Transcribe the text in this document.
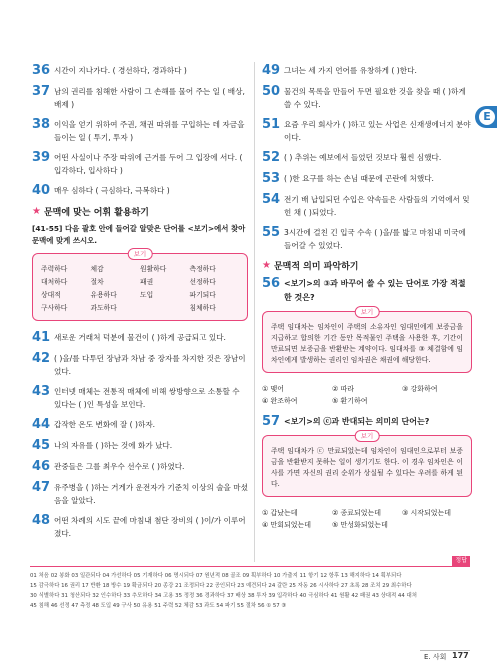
E
36 시간이 지나가다. ( 경선하다, 경과하다 )
37 남의 권리를 침해한 사람이 그 손해를 물어 주는 일 ( 배상, 배제 )
38 이익을 얻기 위하여 주권, 채권 따위를 구입하는 데 자금을 들이는 일 ( 투기, 투자 )
39 어떤 사실이나 주장 따위에 근거를 두어 그 입장에 서다. ( 입각하다, 입사하다 )
40 매우 심하다 ( 극심하다, 극복하다 )
★ 문맥에 맞는 어휘 활용하기
[41-55] 다음 괄호 안에 들어갈 알맞은 단어를 <보기>에서 찾아 문맥에 맞게 쓰시오.
보기
주력하다	체감	원활하다	측정하다
대처하다	절차	패권	선정하다
상대적	유용하다	도입	파기되다
구사하다	과도하다	침체하다
41 새로운 거래처 덕분에 물건이 ( )하게 공급되고 있다.
42 ( )을/를 다투던 장남과 차남 중 장자를 차지한 것은 장남이었다.
43 인터넷 매체는 전통적 매체에 비해 쌍방향으로 소통할 수 있다는 ( )인 특성을 보인다.
44 갑작한 온도 변화에 잘 ( )하자.
45 나의 자유를 ( )하는 것에 화가 났다.
46 관중들은 그를 최우수 선수로 ( )하였다.
47 유주병을 ( )하는 거게가 운전자가 기준치 이상의 술을 마셨음을 알았다.
48 어떤 차례의 시도 끝에 마침내 첨단 장비의 ( )이/가 이루어졌다.
49 그녀는 세 가지 언어를 유창하게 ( )한다.
50 물건의 목록을 만들어 두면 필요한 것을 찾을 때 ( )하게 쓸 수 있다.
51 요즘 우리 회사가 ( )하고 있는 사업은 신재생에너지 분야이다.
52 ( ) 추위는 예보에서 들었던 것보다 훨씬 심했다.
53 ( )한 요구를 하는 손님 때문에 곤란에 처했다.
54 전기 배 납입되던 수입은 약속들은 사람들의 기억에서 잊힌 채 ( )되었다.
55 3시간에 걸친 긴 입국 수속 ( )을/를 밟고 마침내 미국에 들어갈 수 있었다.
★ 문맥적 의미 파악하기
56 <보기>의 ③과 바꾸어 쓸 수 있는 단어로 가장 적절한 것은?
보기
주택 임대차는 임차인이 주택의 소유자인 임대인에게 보증금을 지급하고 합의한 기간 동안 목적물인 주택을 사용한 후, 기간이 만료되면 보증금을 반환받는 계약이다. 임대차를 ③ 체결함에 임차인에게 발생하는 권리인 임차권은 채권에 해당한다.
① 맺어	② 따라	③ 강화하여
④ 완조하여	⑤ 환기하여
57 <보기>의 ⓒ과 반대되는 의미의 단어는?
보기
주택 임대차가 ⓒ 만료되었는데 임차인이 임대인으로부터 보증금을 반환받지 못하는 일이 생기기도 한다. 이 경우 임차인은 이사를 가면 자신의 권리 순위가 상실될 수 있다는 우려를 하게 된다.
① 갑났는데	② 종료되었는데	③ 시작되었는데
④ 만회되었는데	⑤ 만성화되었는데
정답
01 처음 02 봉화 03 일관되다 04 가선하다 05 기재하다 06 명시되다 07 원년적 08 골조 09 획부하다 10 가출지 11 항기 12 항후 13 해지하다 14 획부되다
15 감극하다 16 권리 17 반환 18 방수 19 확금되다 20 종강 21 조정되다 22 공인되다 23 예견되다 24 갈란 25 자동 26 시사하다 27 초록 28 조치 29 최수하다
30 식별하다 31 청산되다 32 인수하다 33 추모하다 34 고용 35 정정 36 경과하다 37 배상 38 투자 39 입각하다 40 극심하다 41 원활 42 패권 43 상대적 44 대처
45 침해 46 선정 47 측정 48 도입 49 구사 50 유용 51 주력 52 체감 53 과도 54 파기 55 절차 56 ① 57 ③
E. 사회 177
